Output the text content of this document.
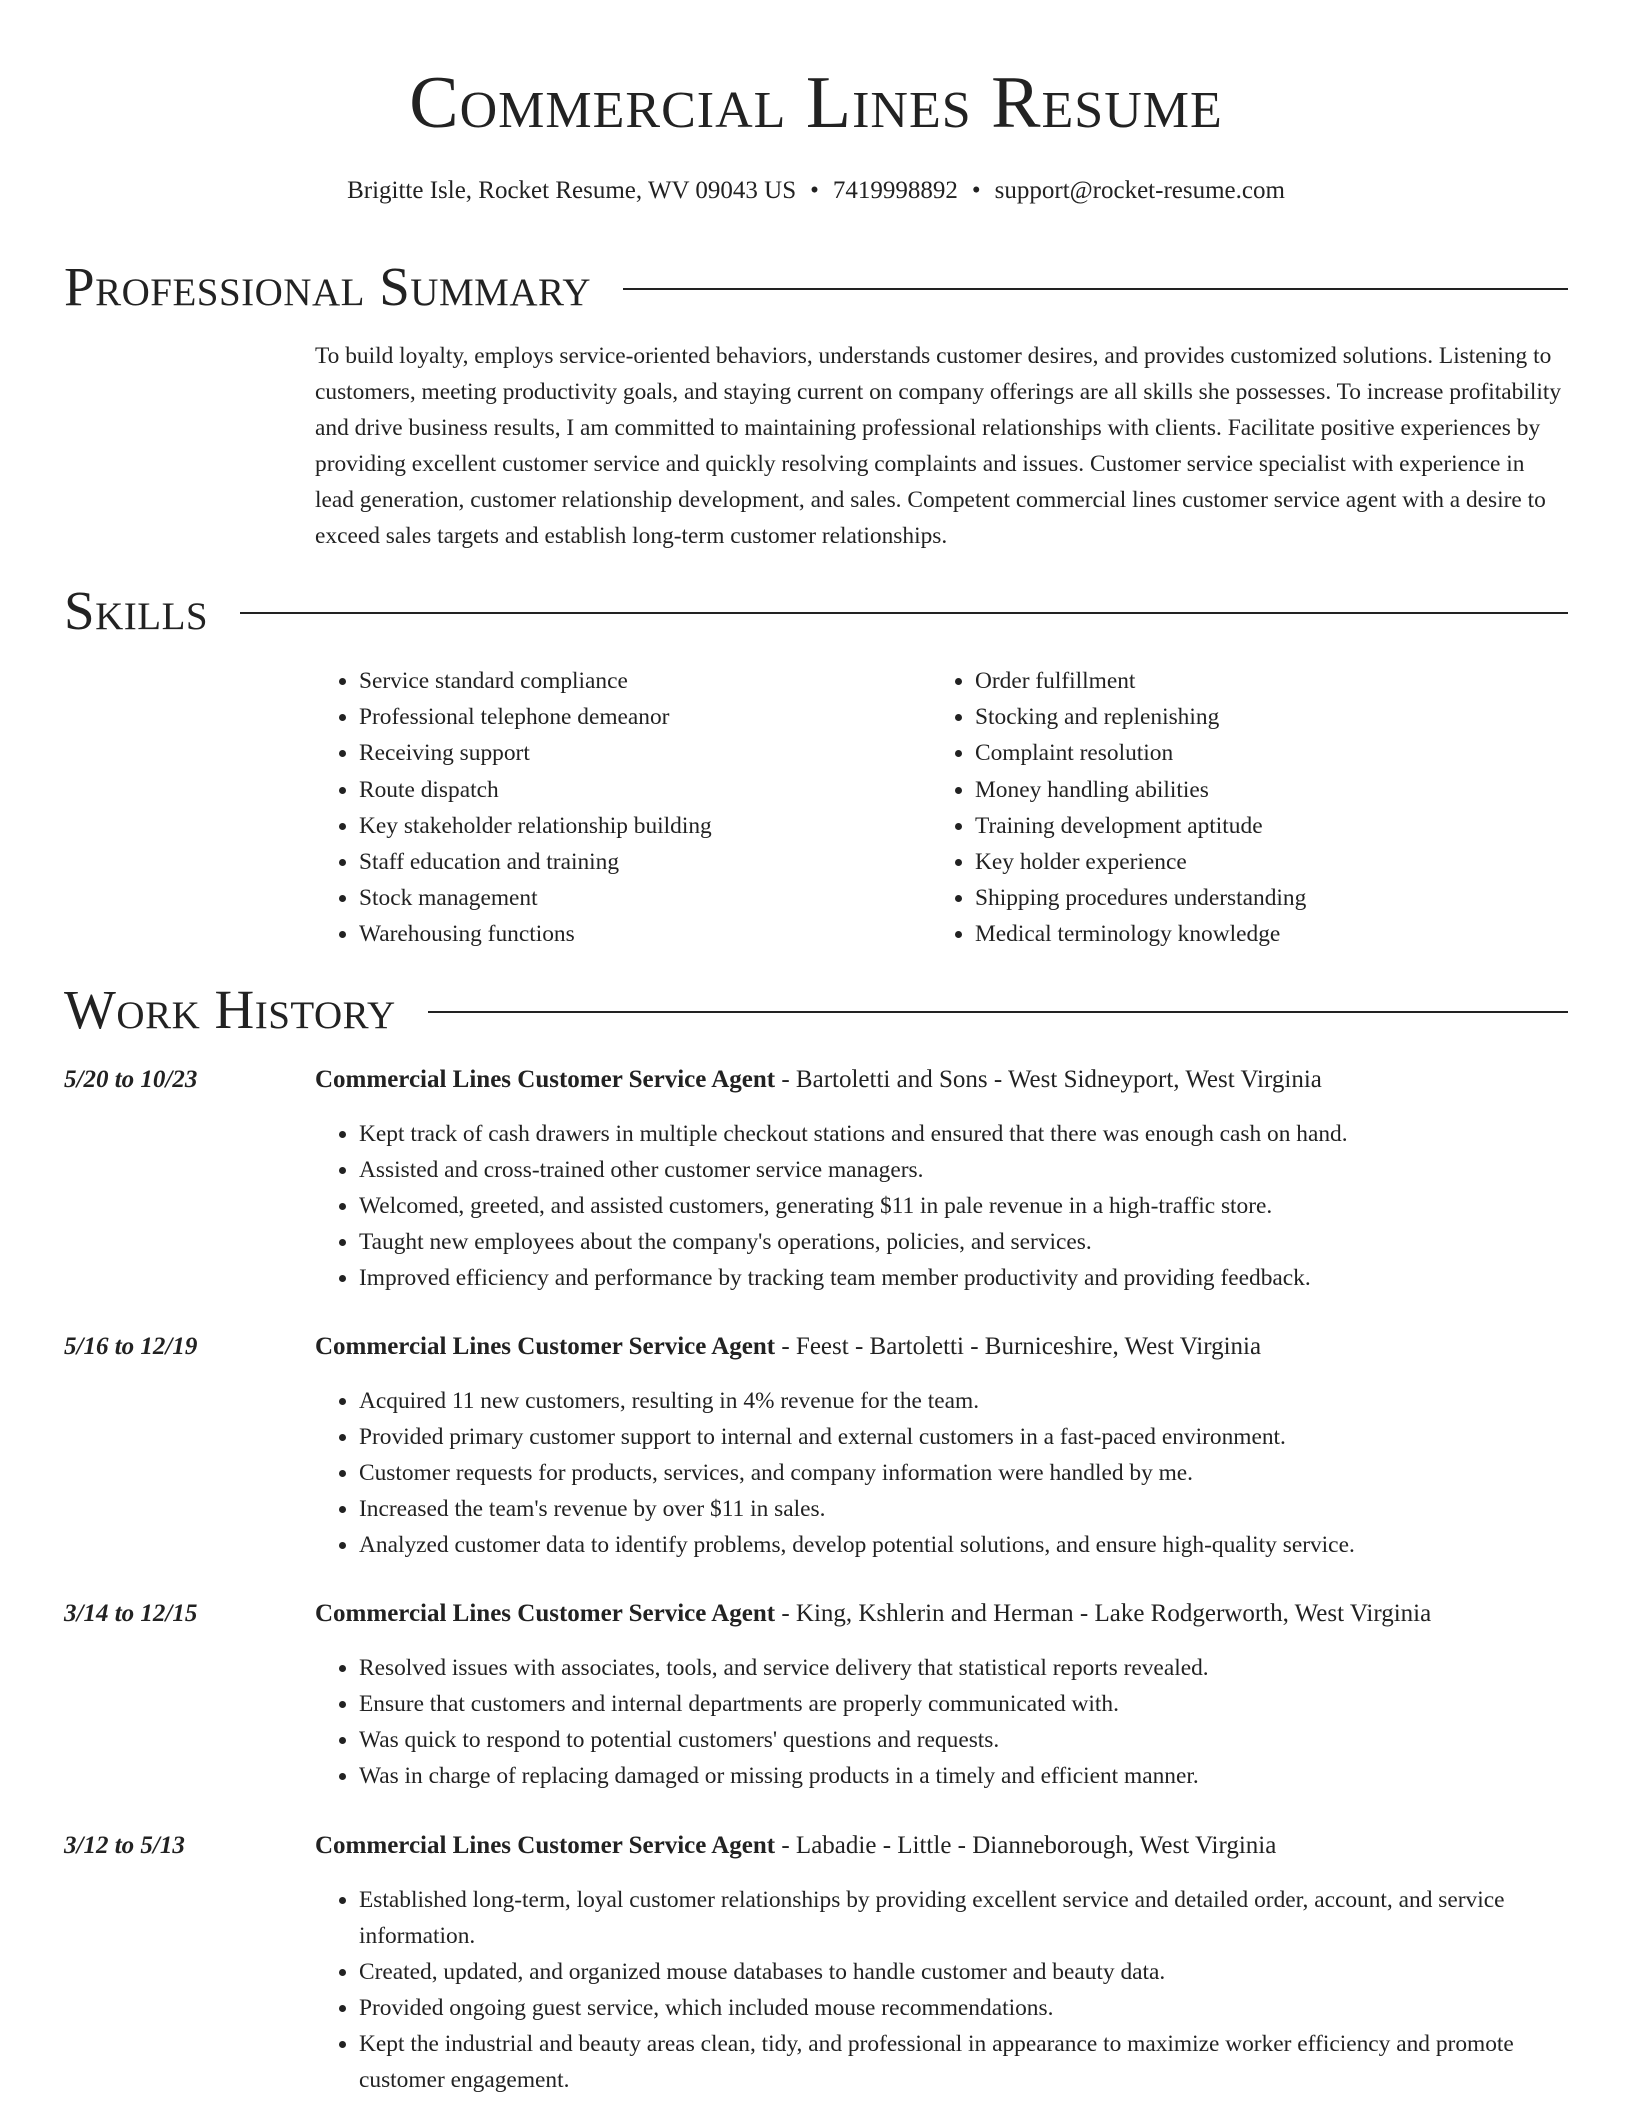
Commercial Lines Resume
Brigitte Isle, Rocket Resume, WV 09043 US • 7419998892 • support@rocket-resume.com
Professional Summary

To build loyalty, employs service-oriented behaviors, understands customer desires, and provides customized solutions. Listening to customers, meeting productivity goals, and staying current on company offerings are all skills she possesses. To increase profitability and drive business results, I am committed to maintaining professional relationships with clients. Facilitate positive experiences by providing excellent customer service and quickly resolving complaints and issues. Customer service specialist with experience in lead generation, customer relationship development, and sales. Competent commercial lines customer service agent with a desire to exceed sales targets and establish long-term customer relationships.

Skills
• Service standard compliance
• Professional telephone demeanor
• Receiving support
• Route dispatch
• Key stakeholder relationship building
• Staff education and training
• Stock management
• Warehousing functions
• Order fulfillment
• Stocking and replenishing
• Complaint resolution
• Money handling abilities
• Training development aptitude
• Key holder experience
• Shipping procedures understanding
• Medical terminology knowledge
Work History
5/20 to 10/23	Commercial Lines Customer Service Agent - Bartoletti and Sons - West Sidneyport, West Virginia
• Kept track of cash drawers in multiple checkout stations and ensured that there was enough cash on hand.
• Assisted and cross-trained other customer service managers.
• Welcomed, greeted, and assisted customers, generating $11 in pale revenue in a high-traffic store.
• Taught new employees about the company's operations, policies, and services.
• Improved efficiency and performance by tracking team member productivity and providing feedback.
5/16 to 12/19	Commercial Lines Customer Service Agent - Feest - Bartoletti - Burniceshire, West Virginia
• Acquired 11 new customers, resulting in 4% revenue for the team.
• Provided primary customer support to internal and external customers in a fast-paced environment.
• Customer requests for products, services, and company information were handled by me.
• Increased the team's revenue by over $11 in sales.
• Analyzed customer data to identify problems, develop potential solutions, and ensure high-quality service.
3/14 to 12/15	Commercial Lines Customer Service Agent - King, Kshlerin and Herman - Lake Rodgerworth, West Virginia
• Resolved issues with associates, tools, and service delivery that statistical reports revealed.
• Ensure that customers and internal departments are properly communicated with.
• Was quick to respond to potential customers' questions and requests.
• Was in charge of replacing damaged or missing products in a timely and efficient manner.
3/12 to 5/13	Commercial Lines Customer Service Agent - Labadie - Little - Dianneborough, West Virginia
• Established long-term, loyal customer relationships by providing excellent service and detailed order, account, and service information.
• Created, updated, and organized mouse databases to handle customer and beauty data.
• Provided ongoing guest service, which included mouse recommendations.
• Kept the industrial and beauty areas clean, tidy, and professional in appearance to maximize worker efficiency and promote customer engagement.
